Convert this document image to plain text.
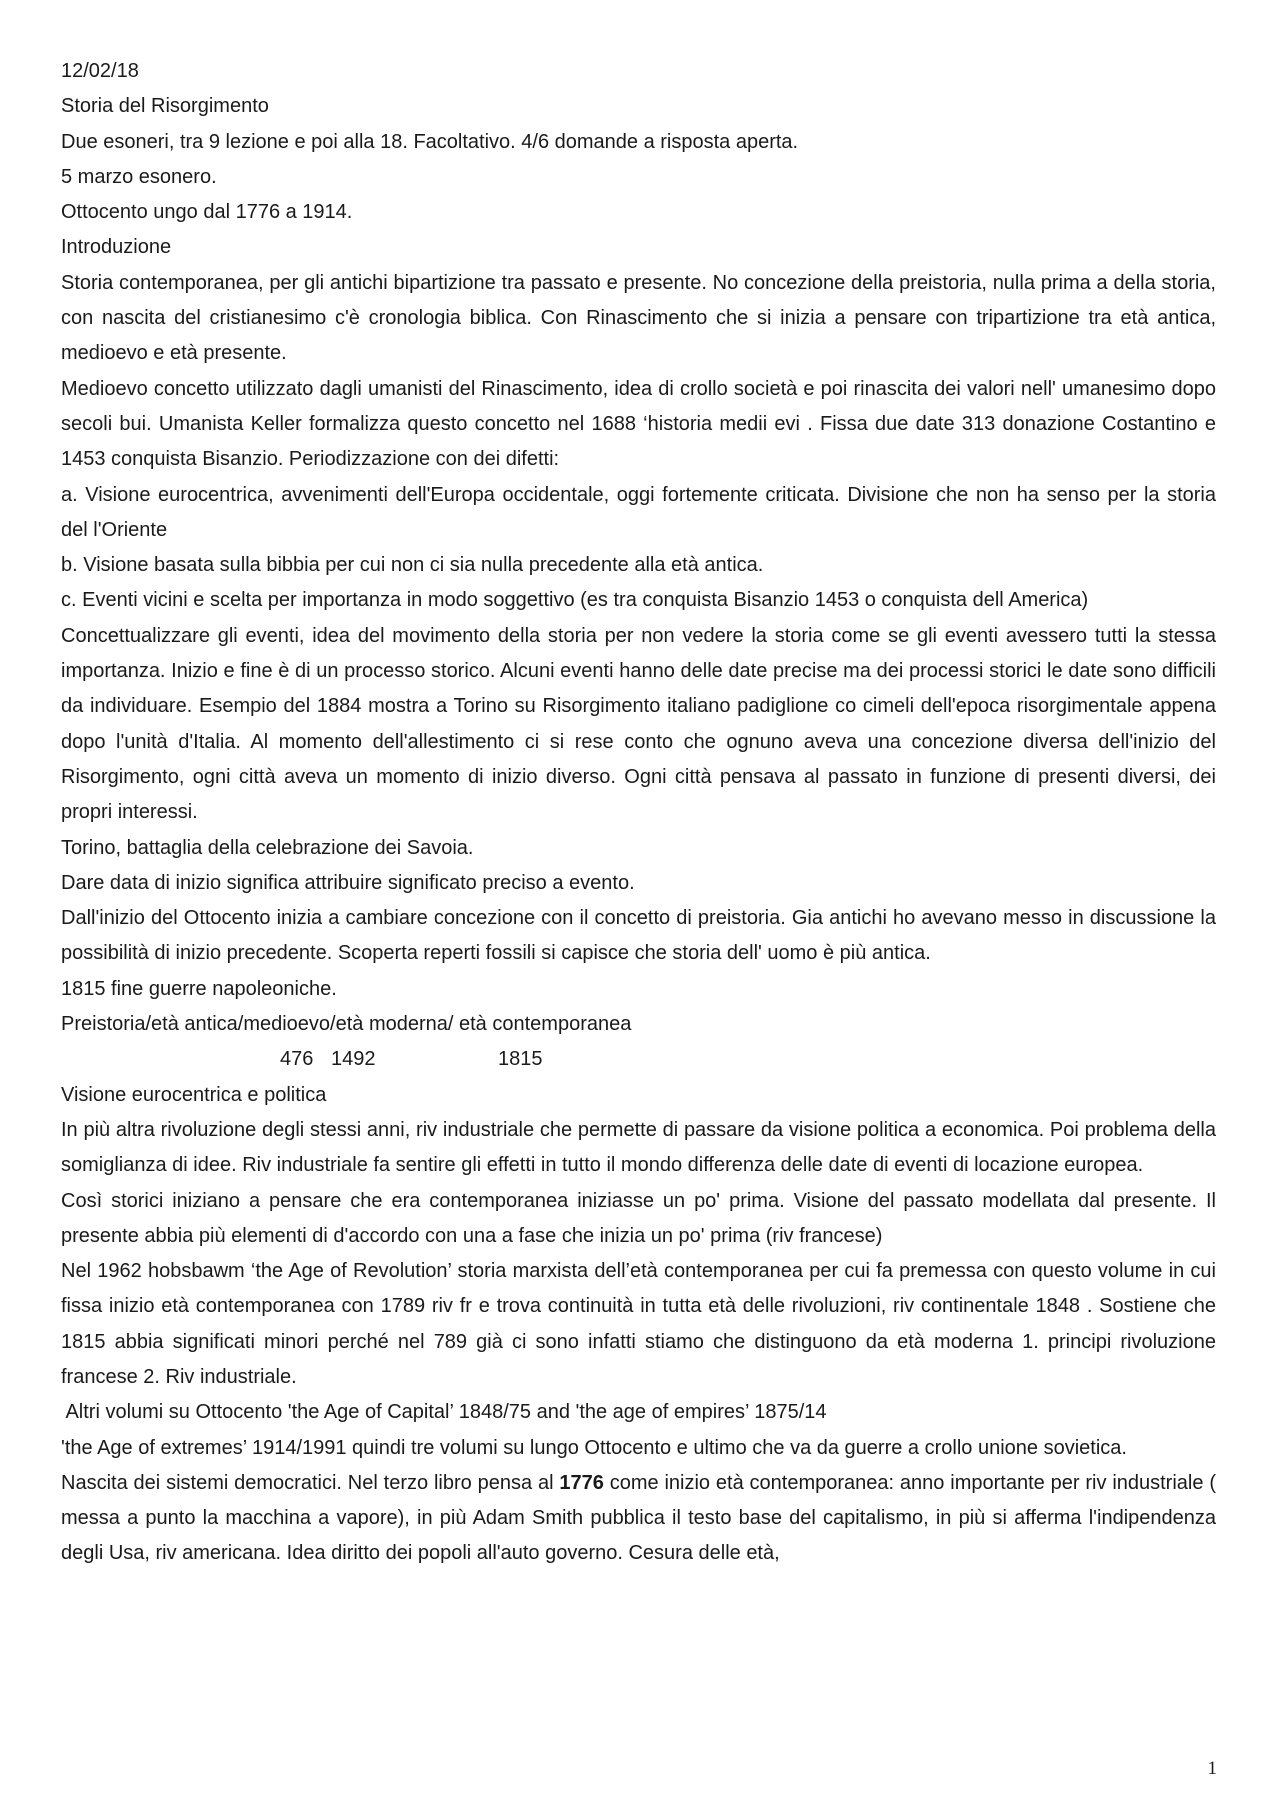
12/02/18
Storia del Risorgimento
Due esoneri, tra 9 lezione e poi alla 18. Facoltativo. 4/6 domande a risposta aperta.
5 marzo esonero.
Ottocento ungo dal 1776 a 1914.
Introduzione
Storia contemporanea, per gli antichi bipartizione tra passato e presente. No concezione della preistoria, nulla prima a della storia, con nascita del cristianesimo c'è cronologia biblica. Con Rinascimento che si inizia a pensare con tripartizione tra età antica, medioevo e età presente.
Medioevo concetto utilizzato dagli umanisti del Rinascimento, idea di crollo società e poi rinascita dei valori nell' umanesimo dopo secoli bui. Umanista Keller formalizza questo concetto nel 1688 ‘historia medii evi . Fissa due date 313 donazione Costantino e 1453 conquista Bisanzio. Periodizzazione con dei difetti:
a. Visione eurocentrica, avvenimenti dell'Europa occidentale, oggi fortemente criticata. Divisione che non ha senso per la storia del l'Oriente
b. Visione basata sulla bibbia per cui non ci sia nulla precedente alla età antica.
c. Eventi vicini e scelta per importanza in modo soggettivo (es tra conquista Bisanzio 1453 o conquista dell America)
Concettualizzare gli eventi, idea del movimento della storia per non vedere la storia come se gli eventi avessero tutti la stessa importanza. Inizio e fine è di un processo storico. Alcuni eventi hanno delle date precise ma dei processi storici le date sono difficili da individuare. Esempio del 1884 mostra a Torino su Risorgimento italiano padiglione co cimeli dell'epoca risorgimentale appena dopo l'unità d'Italia. Al momento dell'allestimento ci si rese conto che ognuno aveva una concezione diversa dell'inizio del Risorgimento, ogni città aveva un momento di inizio diverso. Ogni città pensava al passato in funzione di presenti diversi, dei propri interessi.
Torino, battaglia della celebrazione dei Savoia.
Dare data di inizio significa attribuire significato preciso a evento.
Dall'inizio del Ottocento inizia a cambiare concezione con il concetto di preistoria. Gia antichi ho avevano messo in discussione la possibilità di inizio precedente. Scoperta reperti fossili si capisce che storia dell' uomo è più antica.
1815 fine guerre napoleoniche.
Preistoria/età antica/medioevo/età moderna/ età contemporanea
476 1492	1815
Visione eurocentrica e politica
In più altra rivoluzione degli stessi anni, riv industriale che permette di passare da visione politica a economica. Poi problema della somiglianza di idee. Riv industriale fa sentire gli effetti in tutto il mondo differenza delle date di eventi di locazione europea.
Così storici iniziano a pensare che era contemporanea iniziasse un po' prima. Visione del passato modellata dal presente. Il presente abbia più elementi di d'accordo con una a fase che inizia un po' prima (riv francese)
Nel 1962 hobsbawm ‘the Age of Revolution’ storia marxista dell’età contemporanea per cui fa premessa con questo volume in cui fissa inizio età contemporanea con 1789 riv fr e trova continuità in tutta età delle rivoluzioni, riv continentale 1848 . Sostiene che 1815 abbia significati minori perché nel 789 già ci sono infatti stiamo che distinguono da età moderna 1. principi rivoluzione francese 2. Riv industriale.
Altri volumi su Ottocento 'the Age of Capital’ 1848/75 and 'the age of empires’ 1875/14
'the Age of extremes’ 1914/1991 quindi tre volumi su lungo Ottocento e ultimo che va da guerre a crollo unione sovietica.
Nascita dei sistemi democratici. Nel terzo libro pensa al 1776 come inizio età contemporanea: anno importante per riv industriale ( messa a punto la macchina a vapore), in più Adam Smith pubblica il testo base del capitalismo, in più si afferma l'indipendenza degli Usa, riv americana. Idea diritto dei popoli all'auto governo. Cesura delle età,
1
